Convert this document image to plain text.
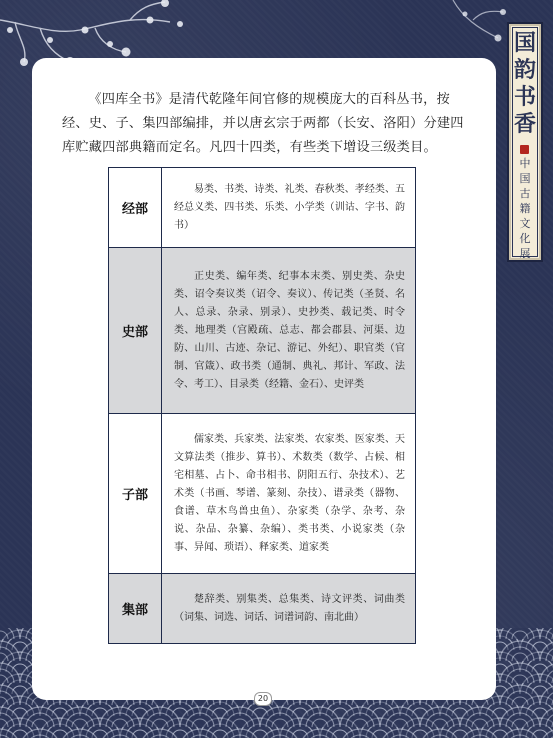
国
韵
书
香
中
国
古
籍
文
化
展

《四库全书》是清代乾隆年间官修的规模庞大的百科丛书，按经、史、子、集四部编排，并以唐玄宗于两都（长安、洛阳）分建四库贮藏四部典籍而定名。凡四十四类，有些类下增设三级类目。

经部	易类、书类、诗类、礼类、春秋类、孝经类、五经总义类、四书类、乐类、小学类（训诂、字书、韵书）
史部	正史类、编年类、纪事本末类、别史类、杂史类、诏令奏议类（诏令、奏议）、传记类（圣贤、名人、总录、杂录、别录）、史抄类、载记类、时令类、地理类（宫殿疏、总志、都会郡县、河渠、边防、山川、古迹、杂记、游记、外纪）、职官类（官制、官箴）、政书类（通制、典礼、邦计、军政、法令、考工）、目录类（经籍、金石）、史评类
子部	儒家类、兵家类、法家类、农家类、医家类、天文算法类（推步、算书）、术数类（数学、占候、相宅相墓、占卜、命书相书、阴阳五行、杂技术）、艺术类（书画、琴谱、篆刻、杂技）、谱录类（器物、食谱、草木鸟兽虫鱼）、杂家类（杂学、杂考、杂说、杂品、杂纂、杂编）、类书类、小说家类（杂事、异闻、琐语）、释家类、道家类
集部	楚辞类、别集类、总集类、诗文评类、词曲类（词集、词选、词话、词谱词韵、南北曲）
20
